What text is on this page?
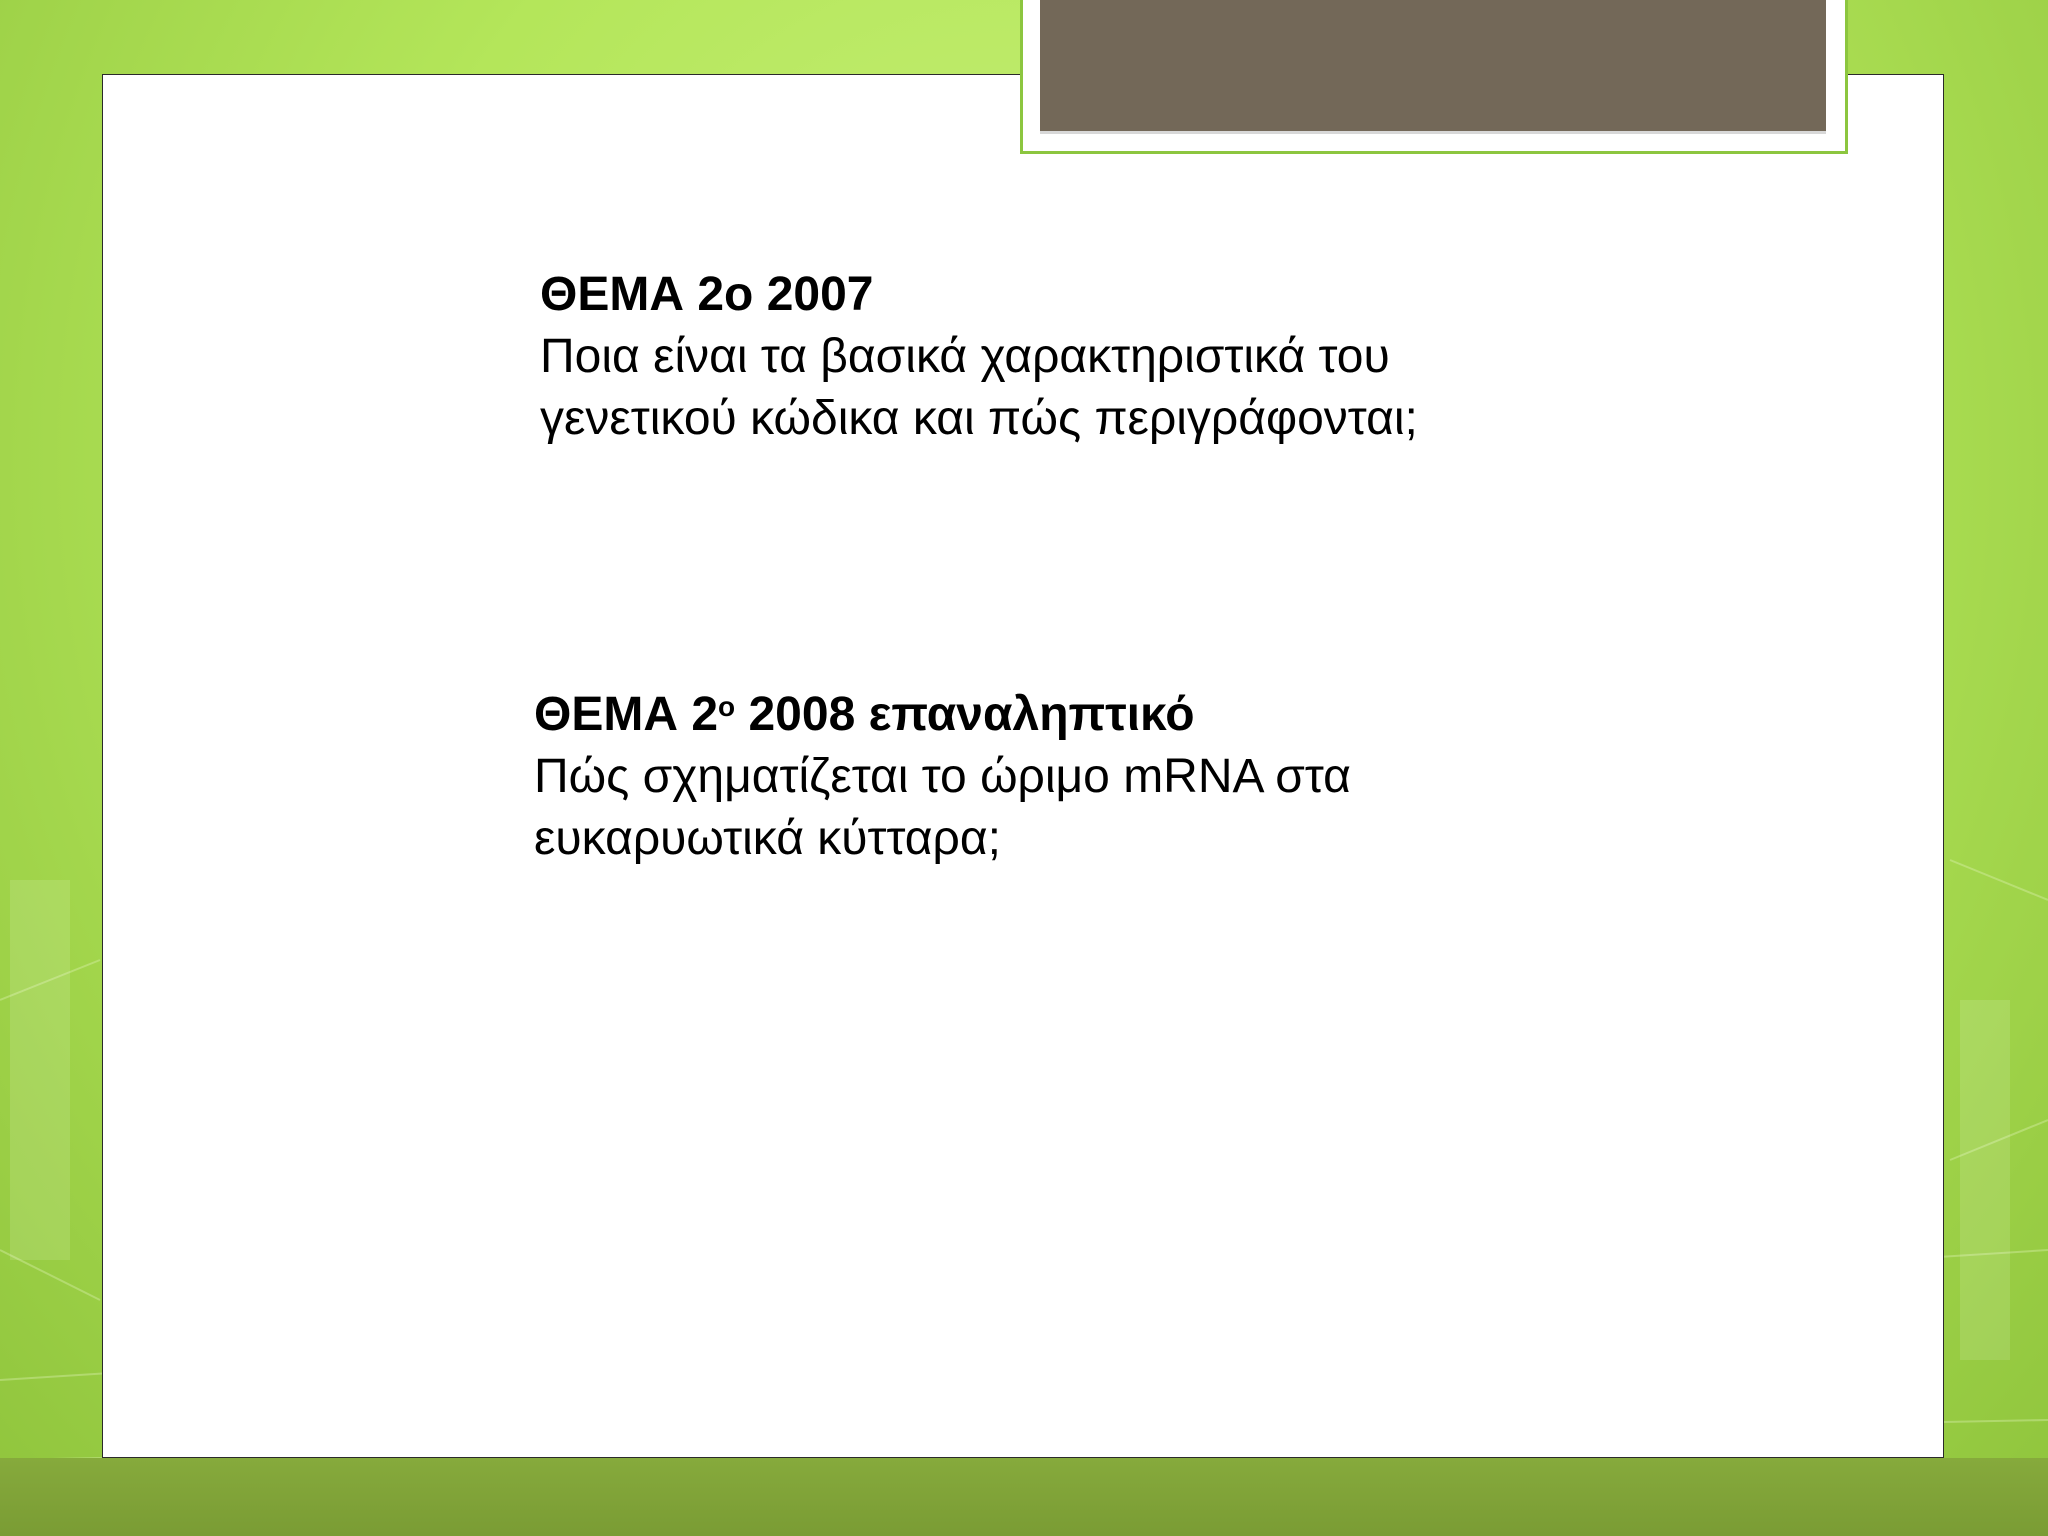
ΘΕΜΑ 2ο 2007
Ποια είναι τα βασικά χαρακτηριστικά του
γενετικού κώδικα και πώς περιγράφονται;
ΘΕΜΑ $2^o$ 2008 επαναληπτικό
Πώς σχηματίζεται το ώριμο mRNA στα
ευκαρυωτικά κύτταρα;
